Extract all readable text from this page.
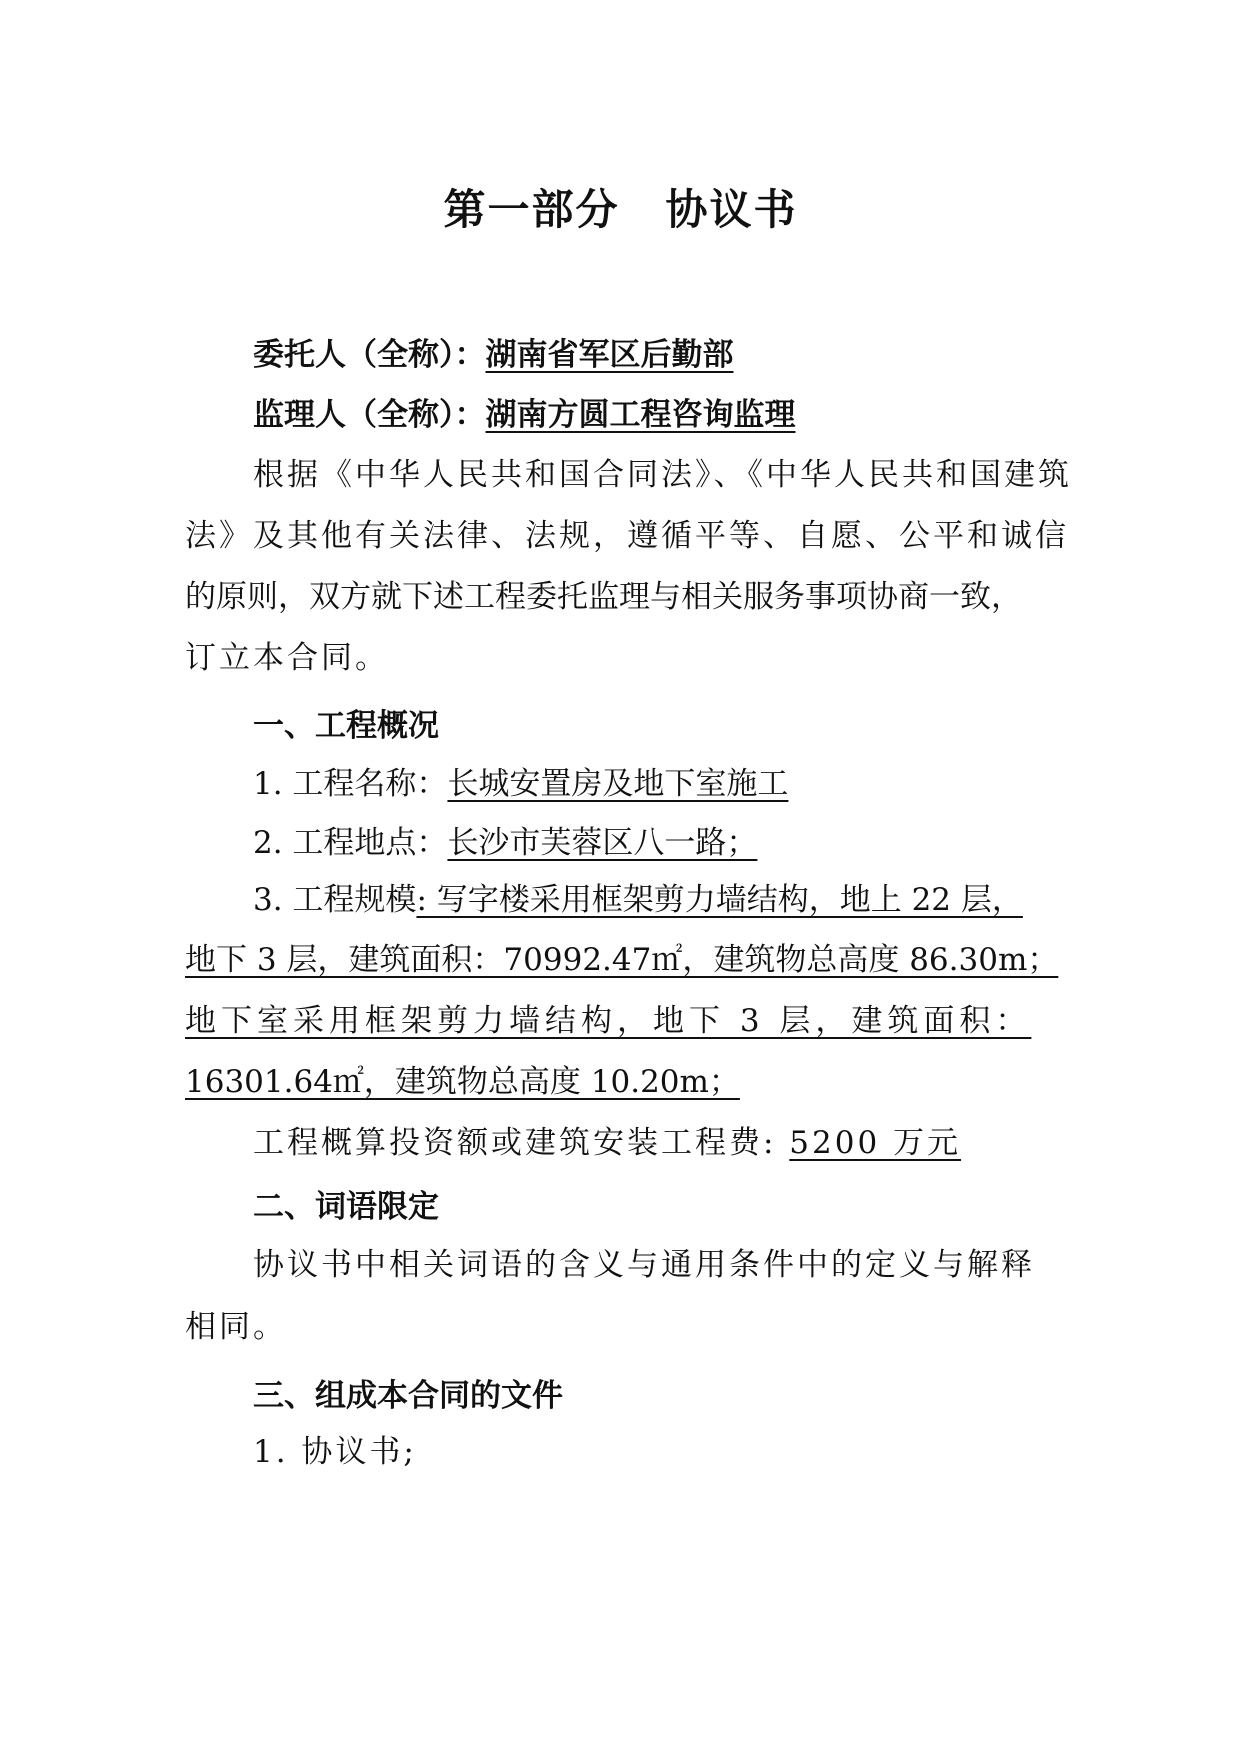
第一部分 协议书
委托人（全称）：湖南省军区后勤部
监理人（全称）：湖南方圆工程咨询监理
根据《中华人民共和国合同法》、《中华人民共和国建筑
法》及其他有关法律、法规，遵循平等、自愿、公平和诚信
的原则，双方就下述工程委托监理与相关服务事项协商一致，
订立本合同。
一、工程概况
1. 工程名称：长城安置房及地下室施工
2. 工程地点：长沙市芙蓉区八一路；
3. 工程规模: 写字楼采用框架剪力墙结构，地上 22 层，
地下 3 层，建筑面积：70992.47㎡，建筑物总高度 86.30m；
地下室采用框架剪力墙结构，地下 3 层，建筑面积：
16301.64㎡，建筑物总高度 10.20m；
工程概算投资额或建筑安装工程费: 5200 万元
二、词语限定
协议书中相关词语的含义与通用条件中的定义与解释
相同。
三、组成本合同的文件
1. 协议书;
